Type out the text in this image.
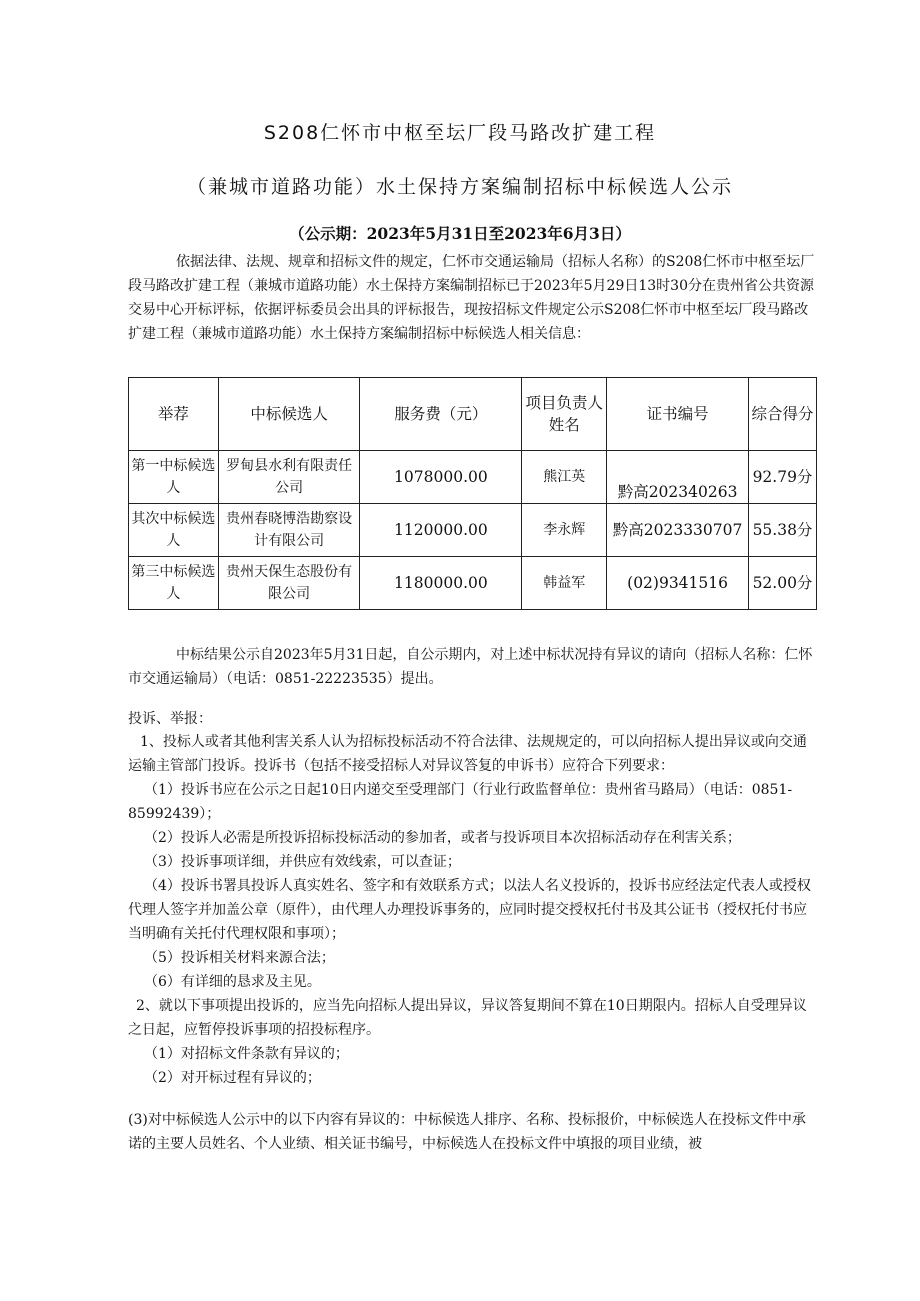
S208仁怀市中枢至坛厂段马路改扩建工程
（兼城市道路功能）水土保持方案编制招标中标候选人公示
（公示期：2023年5月31日至2023年6月3日）
依据法律、法规、规章和招标文件的规定，仁怀市交通运输局（招标人名称）的S208仁怀市中枢至坛厂段马路改扩建工程（兼城市道路功能）水土保持方案编制招标已于2023年5月29日13时30分在贵州省公共资源交易中心开标评标，依据评标委员会出具的评标报告，现按招标文件规定公示S208仁怀市中枢至坛厂段马路改扩建工程（兼城市道路功能）水土保持方案编制招标中标候选人相关信息：
举荐	中标候选人	服务费（元）	项目负责人姓名	证书编号	综合得分
第一中标候选人	罗甸县水利有限责任公司	1078000.00	熊江英	黔高202340263	92.79分
其次中标候选人	贵州春晓博浩勘察设计有限公司	1120000.00	李永辉	黔高2023330707	55.38分
第三中标候选人	贵州天保生态股份有限公司	1180000.00	韩益军	(02)9341516	52.00分
中标结果公示自2023年5月31日起，自公示期内，对上述中标状况持有异议的请向（招标人名称：仁怀市交通运输局）（电话：0851-22223535）提出。
投诉、举报：
1、投标人或者其他利害关系人认为招标投标活动不符合法律、法规规定的，可以向招标人提出异议或向交通运输主管部门投诉。投诉书（包括不接受招标人对异议答复的申诉书）应符合下列要求：
（1）投诉书应在公示之日起10日内递交至受理部门（行业行政监督单位：贵州省马路局）（电话：0851-85992439）；
（2）投诉人必需是所投诉招标投标活动的参加者，或者与投诉项目本次招标活动存在利害关系；
（3）投诉事项详细，并供应有效线索，可以查证；
（4）投诉书署具投诉人真实姓名、签字和有效联系方式；以法人名义投诉的，投诉书应经法定代表人或授权代理人签字并加盖公章（原件），由代理人办理投诉事务的，应同时提交授权托付书及其公证书（授权托付书应当明确有关托付代理权限和事项）；
（5）投诉相关材料来源合法；
（6）有详细的恳求及主见。
2、就以下事项提出投诉的，应当先向招标人提出异议，异议答复期间不算在10日期限内。招标人自受理异议之日起，应暂停投诉事项的招投标程序。
（1）对招标文件条款有异议的；
（2）对开标过程有异议的；
(3)对中标候选人公示中的以下内容有异议的：中标候选人排序、名称、投标报价，中标候选人在投标文件中承诺的主要人员姓名、个人业绩、相关证书编号，中标候选人在投标文件中填报的项目业绩，被
